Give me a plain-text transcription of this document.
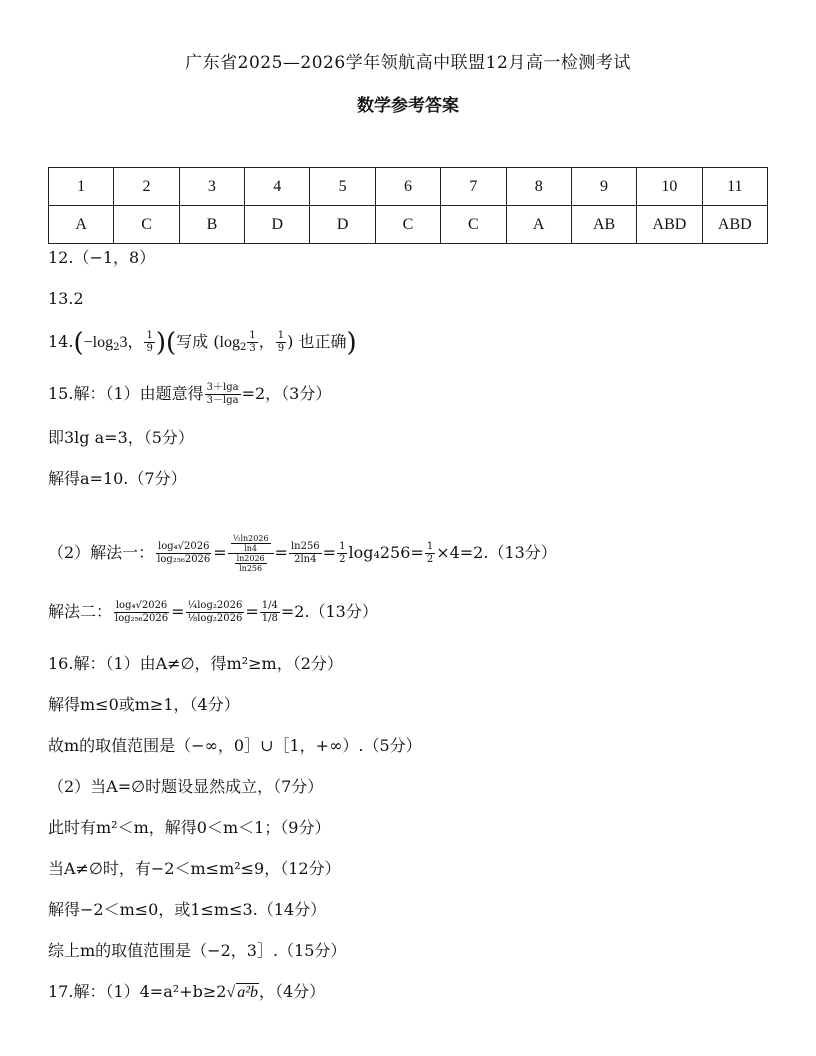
广东省2025—2026学年领航高中联盟12月高一检测考试
数学参考答案
1	2	3	4	5	6	7	8	9	10	11
A	C	B	D	D	C	C	A	AB	ABD	ABD
12.（−1，8）
13.2
$14.(-\log_23$， $\frac{1}{9}$ )(写成 ($\log_2 \frac{1}{3}$ ， $\frac{1}{9}$ ) 也正确)
15.解：（1）由题意得 $\frac{3+\lg a}{3-\lg a} =2$，（3分）
即3lg a=3，（5分）
解得a=10.（7分）
（2）解法一： $\frac{\text{log₄√2026}}{\text{log₂₅₆2026}} = \frac{\frac{\text{½ln2026}}{\ln 4}}{\frac{\ln 2026}{\ln 256}} = \frac{\ln 256}{2\ln 4} = \frac{1}{2} \log_4256= \frac{1}{2} \times 4=2.(13$分）
解法二： $\frac{\text{log₄√2026}}{\text{log₂₅₆2026}} = \frac{\text{¼log₂2026}}{\text{⅛log₂2026}} = \frac{1/4}{1/8} =2.(13$分）
16.解：（1）由A≠∅，得m²≥m，（2分）
解得m≤0或m≥1，（4分）
故m的取值范围是（−∞，0］∪［1，+∞）.（5分）
（2）当A=∅时题设显然成立，（7分）
此时有m²＜m，解得0＜m＜1；（9分）
当A≠∅时，有−2＜m≤m²≤9，（12分）
解得−2＜m≤0，或1≤m≤3.（14分）
综上m的取值范围是（−2，3］.（15分）
17.解：（1）4=a²+b≥2√ a²b，（4分）
